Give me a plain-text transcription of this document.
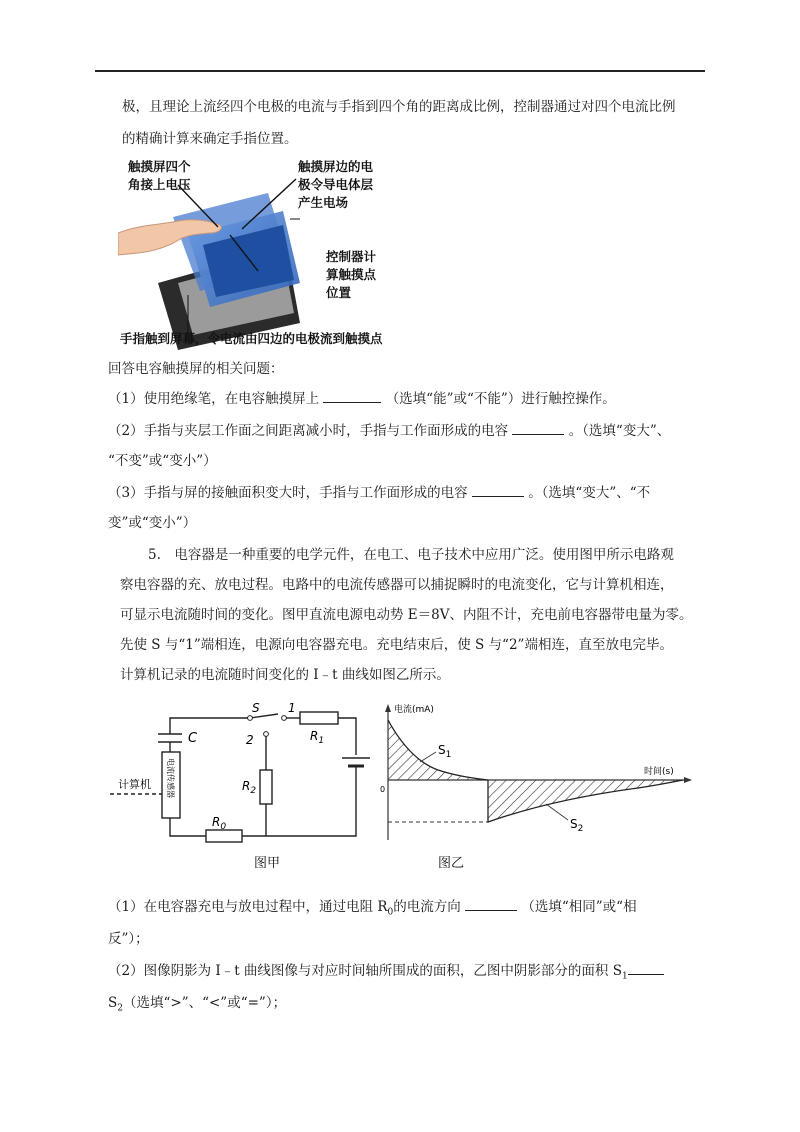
极，且理论上流经四个电极的电流与手指到四个角的距离成比例，控制器通过对四个电流比例
的精确计算来确定手指位置。
触摸屏四个
角接上电压
触摸屏边的电
极令导电体层
产生电场
控制器计
算触摸点
位置
手指触到屏幕，令电流由四边的电极流到触摸点
回答电容触摸屏的相关问题：
（1）使用绝缘笔，在电容触摸屏上	（选填“能”或“不能”）进行触控操作。
（2）手指与夹层工作面之间距离减小时，手指与工作面形成的电容	。（选填“变大”、
“不变”或“变小”）
（3）手指与屏的接触面积变大时，手指与工作面形成的电容	。（选填“变大”、“不
变”或“变小”）
5.　电容器是一种重要的电学元件，在电工、电子技术中应用广泛。使用图甲所示电路观
察电容器的充、放电过程。电路中的电流传感器可以捕捉瞬时的电流变化，它与计算机相连，
可显示电流随时间的变化。图甲直流电源电动势 E＝8V、内阻不计，充电前电容器带电量为零。
先使 S 与“1”端相连，电源向电容器充电。充电结束后，使 S 与“2”端相连，直至放电完毕。
计算机记录的电流随时间变化的 I﹣t 曲线如图乙所示。
S 1
2
C	$R_1$
$R_2$
$R_0$
计算机 电流传感器
图甲
电流(mA)
时间(s)
0
$S_1$
$S_2$
图乙
（1）在电容器充电与放电过程中，通过电阻 $R_0$的电流方向	（选填“相同”或“相
反”）；
（2）图像阴影为 I﹣t 曲线图像与对应时间轴所围成的面积，乙图中阴影部分的面积 $S_1$
$S_2$（选填“>”、“<”或“=”）；
